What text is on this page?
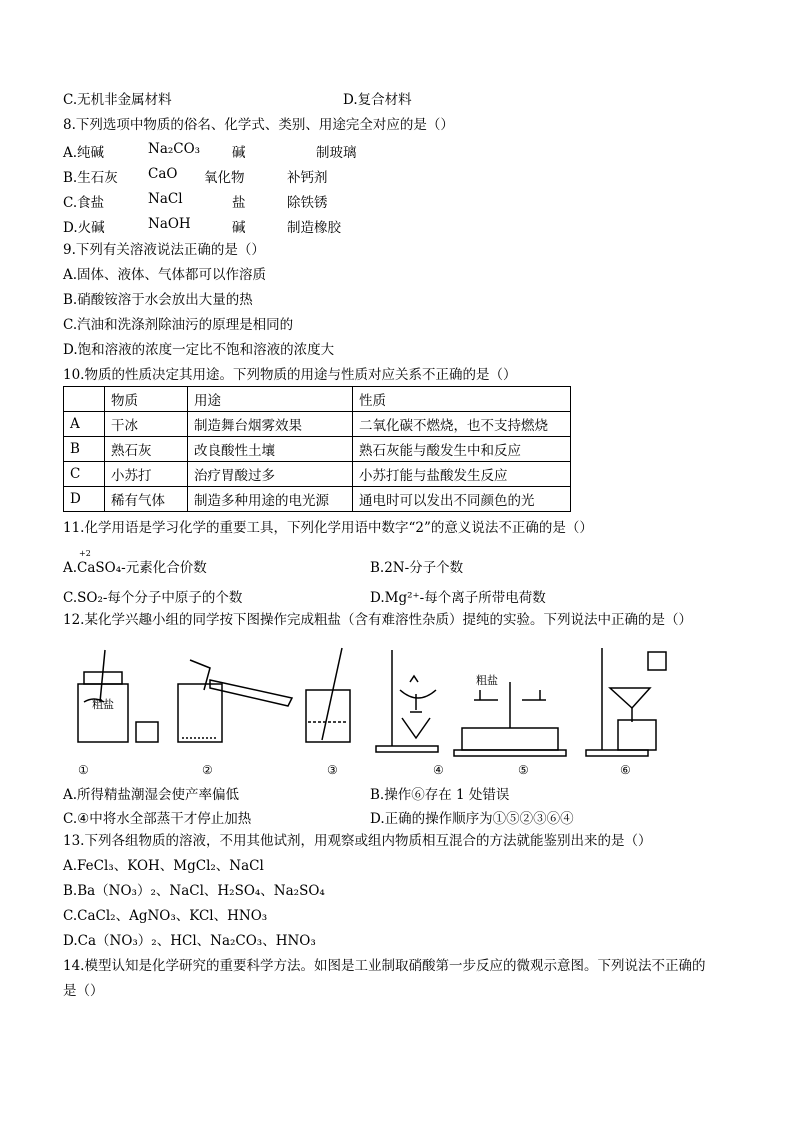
C.无机非金属材料	D.复合材料
8.下列选项中物质的俗名、化学式、类别、用途完全对应的是（）
A.纯碱	Na₂CO₃ 碱	制玻璃
B.生石灰 CaO 氧化物	补钙剂
C.食盐	NaCl	盐	除铁锈
D.火碱	NaOH	碱	制造橡胶
9.下列有关溶液说法正确的是（）
A.固体、液体、气体都可以作溶质
B.硝酸铵溶于水会放出大量的热
C.汽油和洗涤剂除油污的原理是相同的
D.饱和溶液的浓度一定比不饱和溶液的浓度大
10.物质的性质决定其用途。下列物质的用途与性质对应关系不正确的是（）
	物质	用途	性质
A	干冰	制造舞台烟雾效果	二氧化碳不燃烧，也不支持燃烧
B	熟石灰	改良酸性土壤	熟石灰能与酸发生中和反应
C	小苏打	治疗胃酸过多	小苏打能与盐酸发生反应
D	稀有气体	制造多种用途的电光源	通电时可以发出不同颜色的光
11.化学用语是学习化学的重要工具，下列化学用语中数字“2”的意义说法不正确的是（）
A.
+2
CaSO₄-元素化合价数	B.2N-分子个数
C.SO₂-每个分子中原子的个数	D.Mg²⁺-每个离子所带电荷数
12.某化学兴趣小组的同学按下图操作完成粗盐（含有难溶性杂质）提纯的实验。下列说法中正确的是（）
粗盐
粗盐
①	②	③	④	⑤	⑥
A.所得精盐潮湿会使产率偏低	B.操作⑥存在 1 处错误
C.④中将水全部蒸干才停止加热	D.正确的操作顺序为①⑤②③⑥④
13.下列各组物质的溶液，不用其他试剂，用观察或组内物质相互混合的方法就能鉴别出来的是（）
A.FeCl₃、KOH、MgCl₂、NaCl
B.Ba（NO₃）₂、NaCl、H₂SO₄、Na₂SO₄
C.CaCl₂、AgNO₃、KCl、HNO₃
D.Ca（NO₃）₂、HCl、Na₂CO₃、HNO₃
14.模型认知是化学研究的重要科学方法。如图是工业制取硝酸第一步反应的微观示意图。下列说法不正确的
是（）
